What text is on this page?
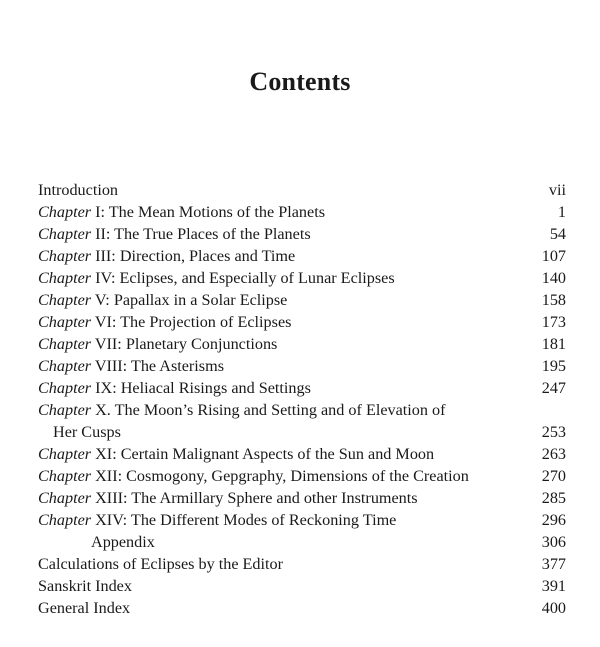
Contents
Introduction	vii
Chapter I: The Mean Motions of the Planets	1
Chapter II: The True Places of the Planets	54
Chapter III: Direction, Places and Time	107
Chapter IV: Eclipses, and Especially of Lunar Eclipses	140
Chapter V: Papallax in a Solar Eclipse	158
Chapter VI: The Projection of Eclipses	173
Chapter VII: Planetary Conjunctions	181
Chapter VIII: The Asterisms	195
Chapter IX: Heliacal Risings and Settings	247
Chapter X. The Moon’s Rising and Setting and of Elevation of
Her Cusps	253
Chapter XI: Certain Malignant Aspects of the Sun and Moon	263
Chapter XII: Cosmogony, Gepgraphy, Dimensions of the Creation	270
Chapter XIII: The Armillary Sphere and other Instruments	285
Chapter XIV: The Different Modes of Reckoning Time	296
Appendix	306
Calculations of Eclipses by the Editor	377
Sanskrit Index	391
General Index	400
